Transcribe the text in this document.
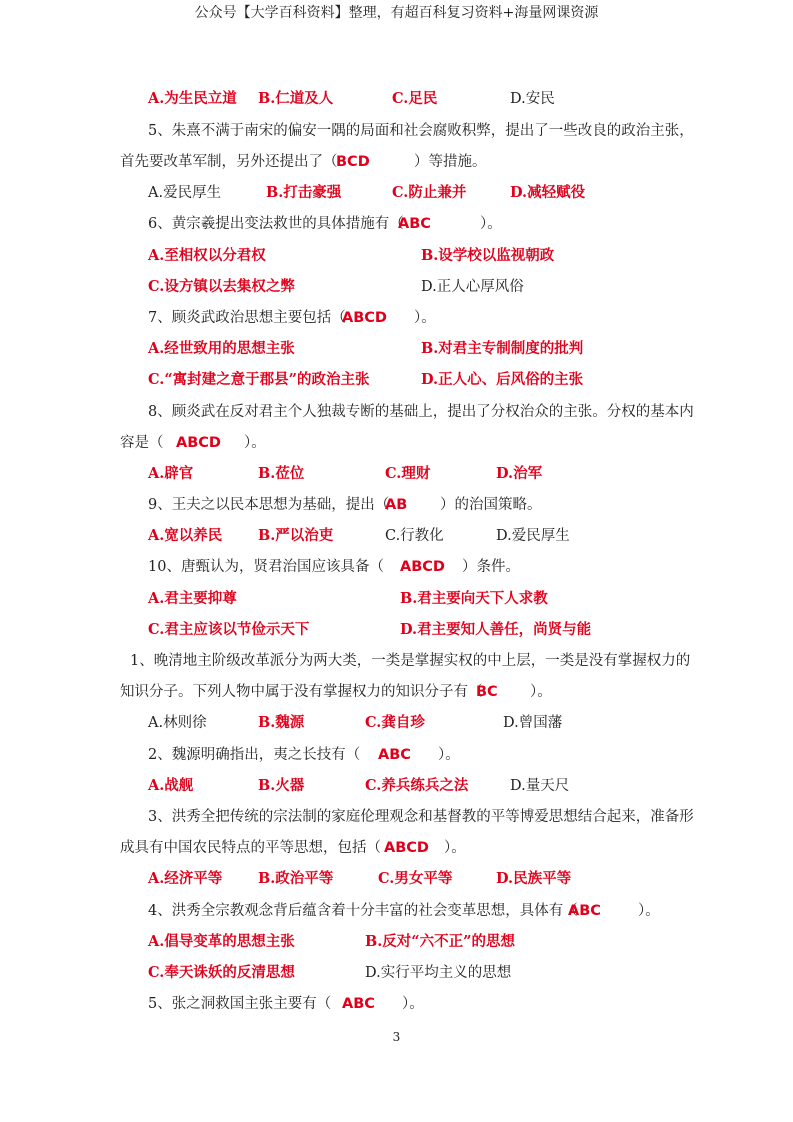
公众号【大学百科资料】整理，有超百科复习资料+海量网课资源
A.为生民立道 B.仁道及人	C.足民	D.安民
5、朱熹不满于南宋的偏安一隅的局面和社会腐败积弊，提出了一些改良的政治主张，
首先要改革军制，另外还提出了（
BCD	）等措施。
A.爱民厚生	B.打击豪强	C.防止兼并	D.减轻赋役
6、黄宗羲提出变法救世的具体措施有（
ABC	）。
A.至相权以分君权	B.设学校以监视朝政
C.设方镇以去集权之弊	D.正人心厚风俗
7、顾炎武政治思想主要包括（
ABCD ）。
A.经世致用的思想主张	B.对君主专制制度的批判
C.“寓封建之意于郡县”的政治主张	D.正人心、后风俗的主张
8、顾炎武在反对君主个人独裁专断的基础上，提出了分权治众的主张。分权的基本内
容是（ ABCD ）。
A.辟官	B.莅位	C.理财	D.治军
9、王夫之以民本思想为基础，提出（
AB ）的治国策略。
A.宽以养民 B.严以治吏	C.行教化	D.爱民厚生
10、唐甄认为，贤君治国应该具备（ ABCD ）条件。
A.君主要抑尊	B.君主要向天下人求教
C.君主应该以节俭示天下	D.君主要知人善任，尚贤与能
1、晚清地主阶级改革派分为两大类，一类是掌握实权的中上层，一类是没有掌握权力的
知识分子。下列人物中属于没有掌握权力的知识分子有（
BC ）。
A.林则徐	B.魏源	C.龚自珍	D.曾国藩
2、魏源明确指出，夷之长技有（ ABC ）。
A.战舰	B.火器	C.养兵练兵之法	D.量天尺
3、洪秀全把传统的宗法制的家庭伦理观念和基督教的平等博爱思想结合起来，准备形
成具有中国农民特点的平等思想，包括（ ABCD ）。
A.经济平等 B.政治平等	C.男女平等	D.民族平等
4、洪秀全宗教观念背后蕴含着十分丰富的社会变革思想，具体有（
ABC	）。
A.倡导变革的思想主张	B.反对“六不正”的思想
C.奉天诛妖的反清思想	D.实行平均主义的思想
5、张之洞救国主张主要有（ ABC ）。
3
